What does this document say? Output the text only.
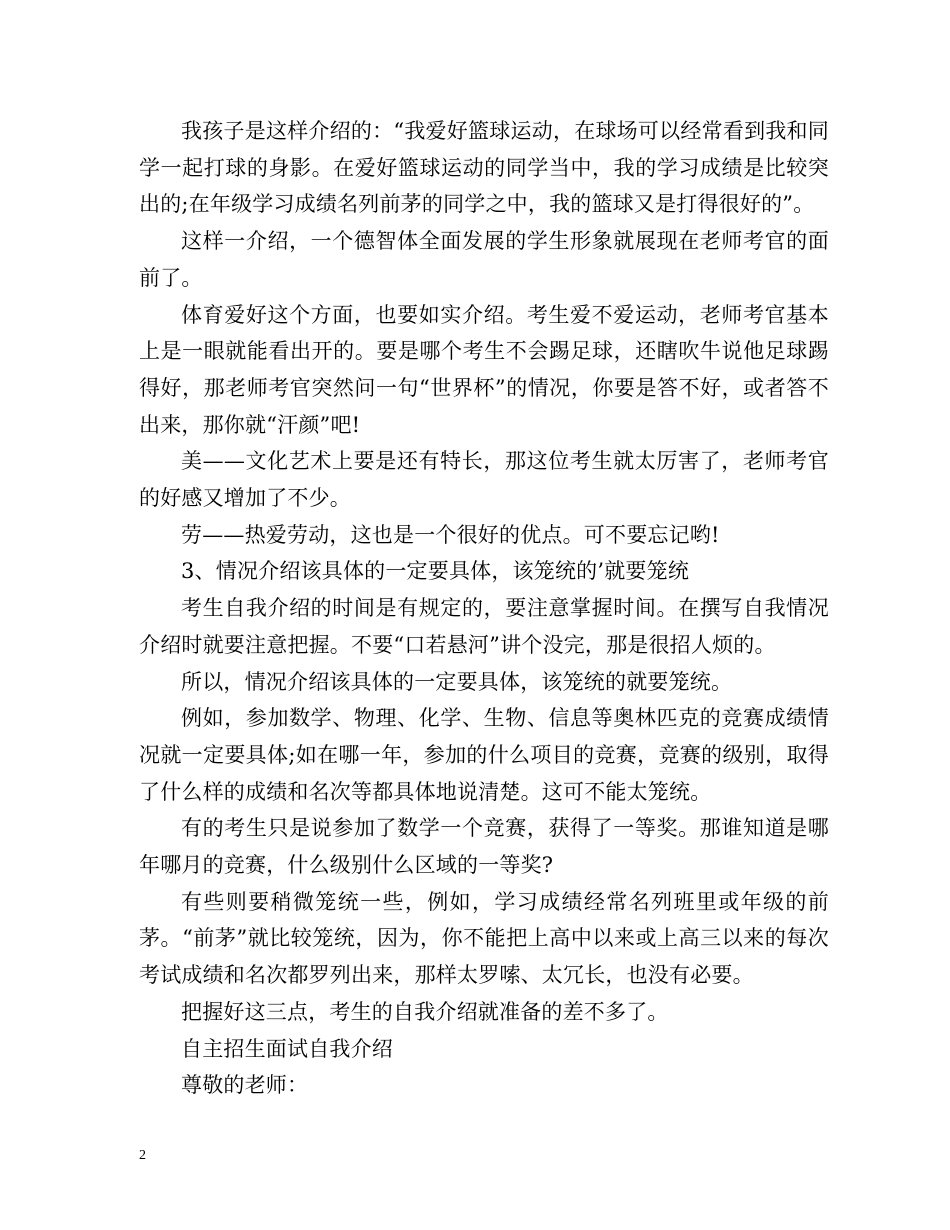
我孩子是这样介绍的：“我爱好篮球运动，在球场可以经常看到我和同学一起打球的身影。在爱好篮球运动的同学当中，我的学习成绩是比较突出的;在年级学习成绩名列前茅的同学之中，我的篮球又是打得很好的”。

这样一介绍，一个德智体全面发展的学生形象就展现在老师考官的面前了。

体育爱好这个方面，也要如实介绍。考生爱不爱运动，老师考官基本上是一眼就能看出开的。要是哪个考生不会踢足球，还瞎吹牛说他足球踢得好，那老师考官突然问一句“世界杯”的情况，你要是答不好，或者答不出来，那你就“汗颜”吧!

美——文化艺术上要是还有特长，那这位考生就太厉害了，老师考官的好感又增加了不少。

劳——热爱劳动，这也是一个很好的优点。可不要忘记哟!

3、情况介绍该具体的一定要具体，该笼统的’就要笼统

考生自我介绍的时间是有规定的，要注意掌握时间。在撰写自我情况介绍时就要注意把握。不要“口若悬河”讲个没完，那是很招人烦的。

所以，情况介绍该具体的一定要具体，该笼统的就要笼统。

例如，参加数学、物理、化学、生物、信息等奥林匹克的竞赛成绩情况就一定要具体;如在哪一年，参加的什么项目的竞赛，竞赛的级别，取得了什么样的成绩和名次等都具体地说清楚。这可不能太笼统。

有的考生只是说参加了数学一个竞赛，获得了一等奖。那谁知道是哪年哪月的竞赛，什么级别什么区域的一等奖?

有些则要稍微笼统一些，例如，学习成绩经常名列班里或年级的前茅。“前茅”就比较笼统，因为，你不能把上高中以来或上高三以来的每次考试成绩和名次都罗列出来，那样太罗嗦、太冗长，也没有必要。

把握好这三点，考生的自我介绍就准备的差不多了。

自主招生面试自我介绍

尊敬的老师：

2
